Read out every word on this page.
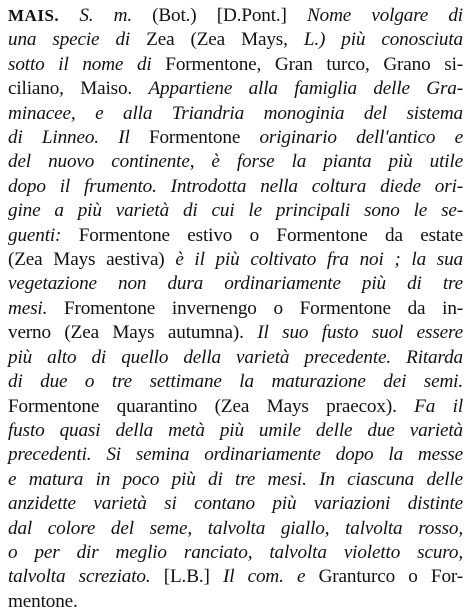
MAIS. S. m. (Bot.) [D.Pont.] Nome volgare di
una specie di Zea (Zea Mays, L.) più conosciuta
sotto il nome di Formentone, Gran turco, Grano si-
ciliano, Maiso. Appartiene alla famiglia delle Gra-
minacee, e alla Triandria monoginia del sistema
di Linneo. Il Formentone originario dell'antico e
del nuovo continente, è forse la pianta più utile
dopo il frumento. Introdotta nella coltura diede ori-
gine a più varietà di cui le principali sono le se-
guenti: Formentone estivo o Formentone da estate
(Zea Mays aestiva) è il più coltivato fra noi ; la sua
vegetazione non dura ordinariamente più di tre
mesi. Fromentone invernengo o Formentone da in-
verno (Zea Mays autumna). Il suo fusto suol essere
più alto di quello della varietà precedente. Ritarda
di due o tre settimane la maturazione dei semi.
Formentone quarantino (Zea Mays praecox). Fa il
fusto quasi della metà più umile delle due varietà
precedenti. Si semina ordinariamente dopo la messe
e matura in poco più di tre mesi. In ciascuna delle
anzidette varietà si contano più variazioni distinte
dal colore del seme, talvolta giallo, talvolta rosso,
o per dir meglio ranciato, talvolta violetto scuro,
talvolta screziato. [L.B.] Il com. e Granturco o For-
mentone.
